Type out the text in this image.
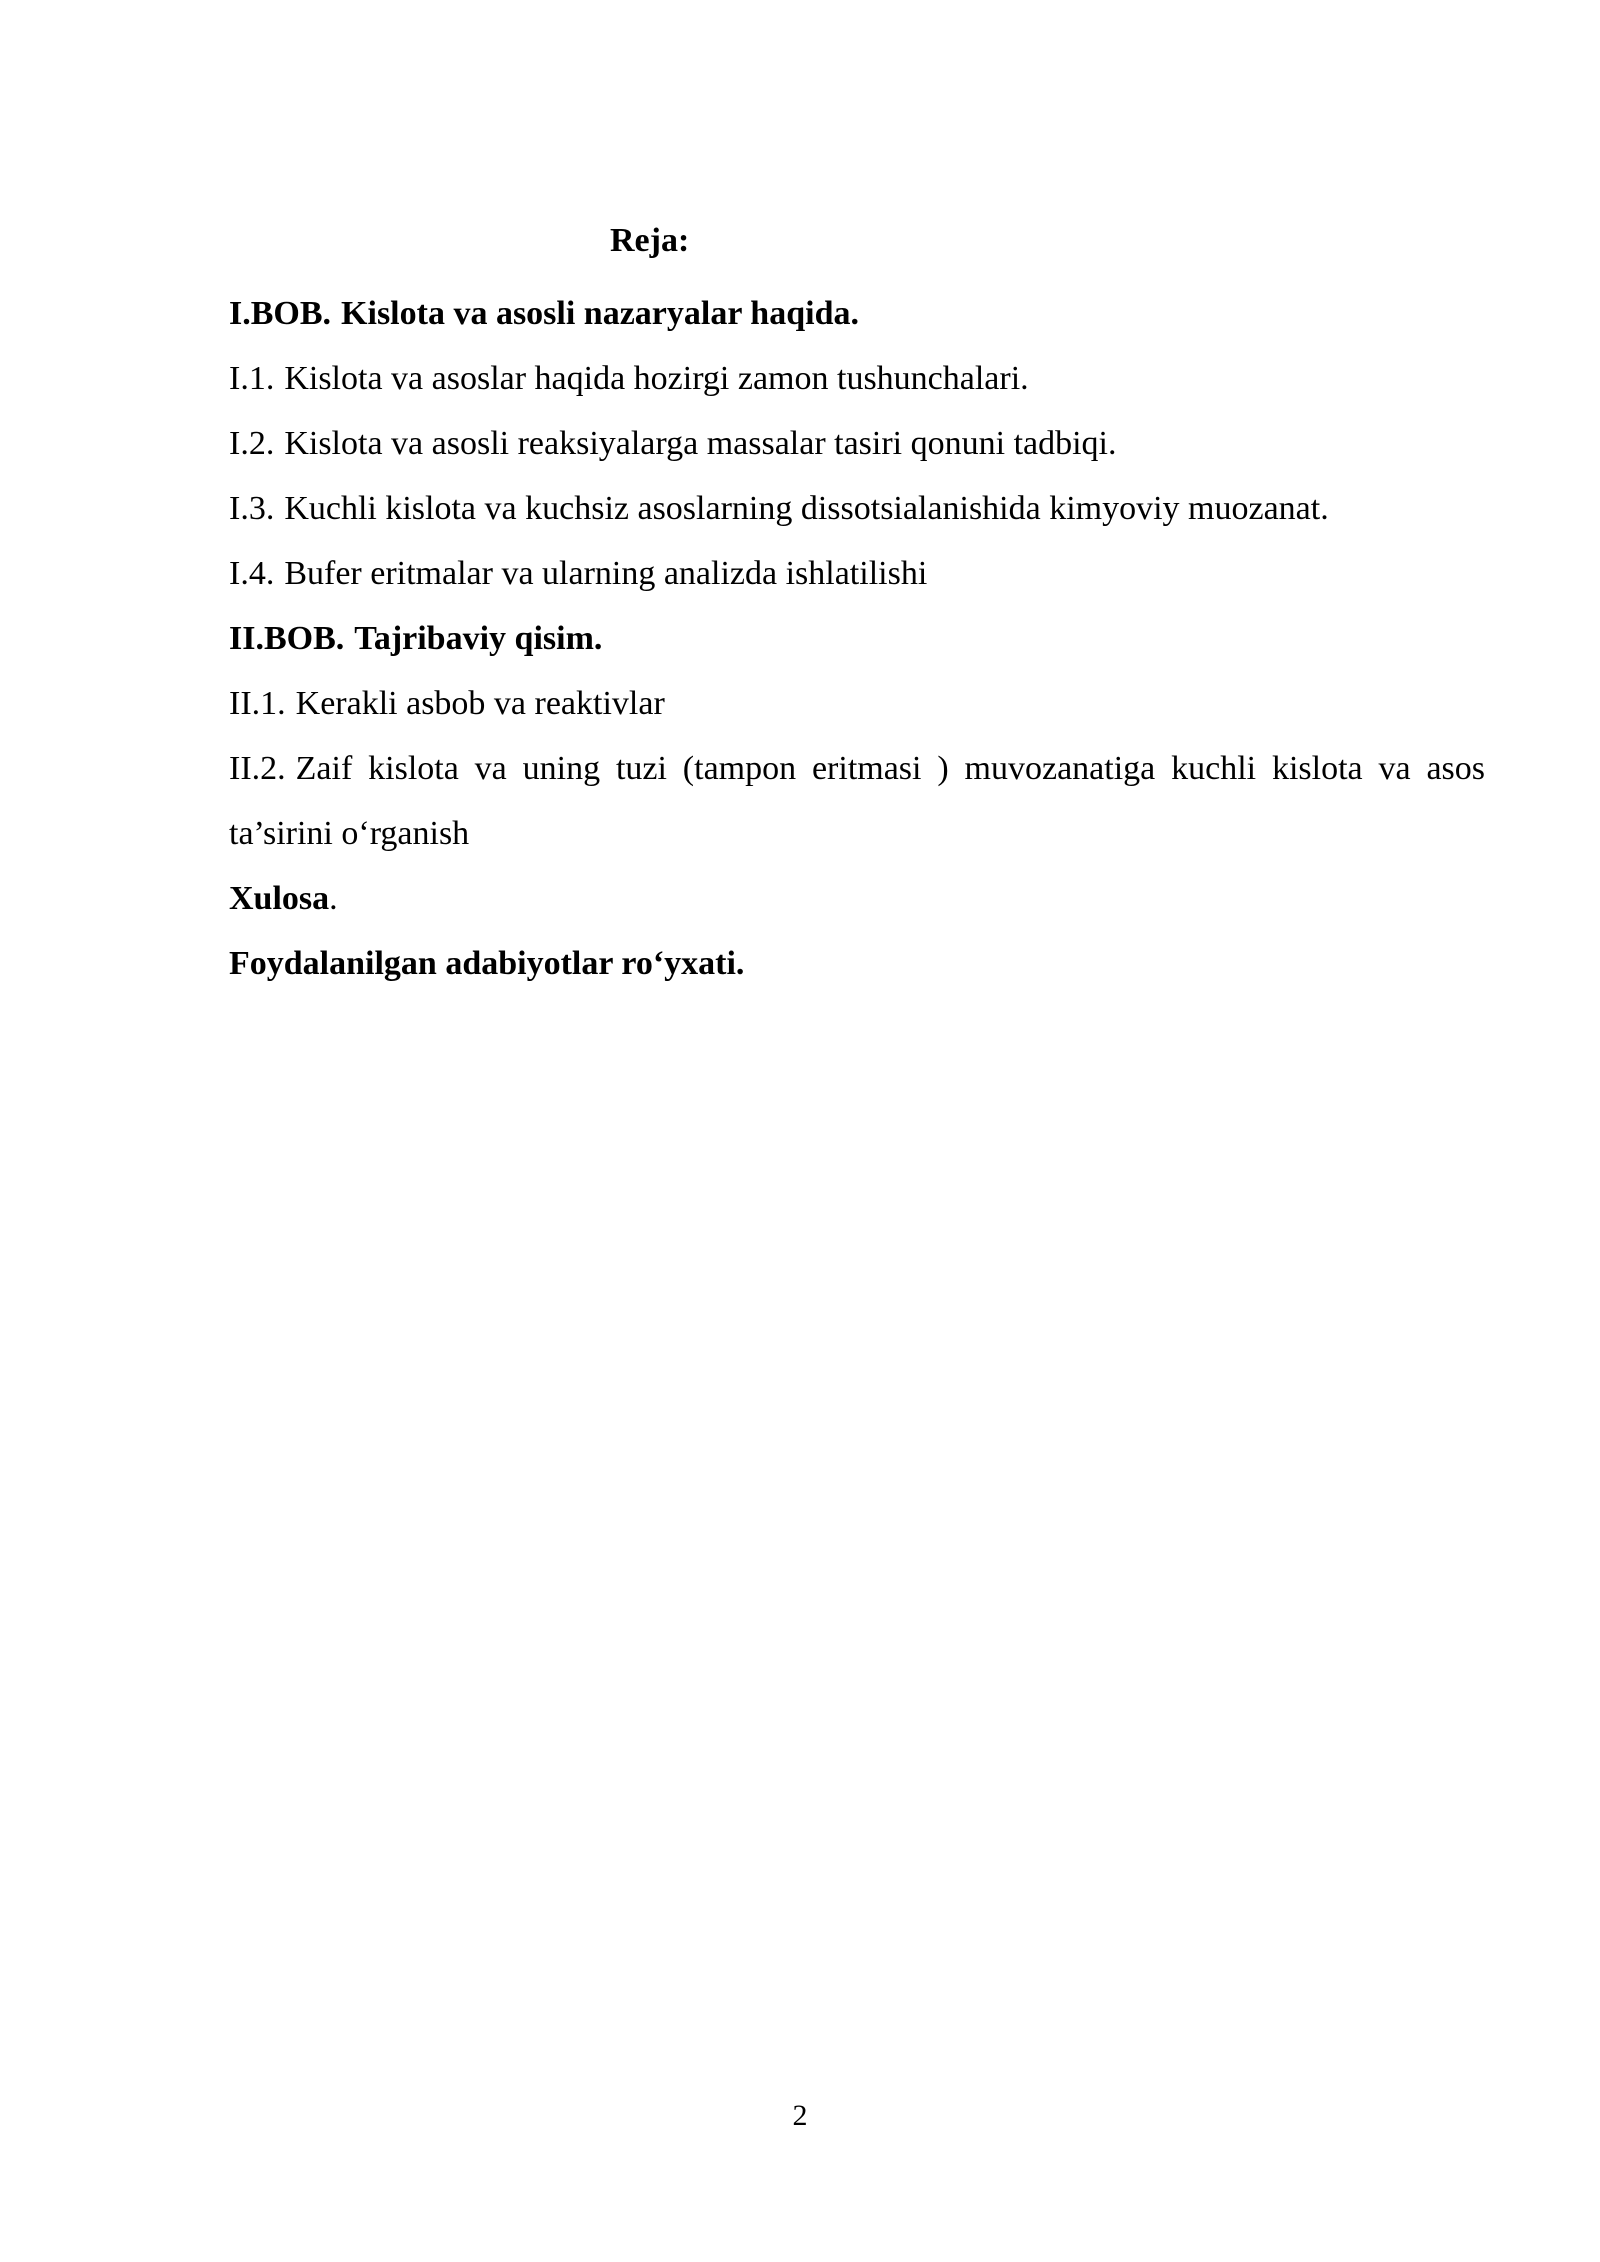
Reja:
I.BOB. Kislota va asosli nazaryalar haqida.
I.1. Kislota va asoslar haqida hozirgi zamon tushunchalari.
I.2. Kislota va asosli reaksiyalarga massalar tasiri qonuni tadbiqi.
I.3. Kuchli kislota va kuchsiz asoslarning dissotsialanishida kimyoviy muozanat.
I.4. Bufer eritmalar va ularning analizda ishlatilishi
II.BOB. Tajribaviy qisim.
II.1. Kerakli asbob va reaktivlar
II.2. Zaif kislota va uning tuzi (tampon eritmasi ) muvozanatiga kuchli kislota va asos ta’sirini o‘rganish
Xulosa.
Foydalanilgan adabiyotlar ro‘yxati.
2
